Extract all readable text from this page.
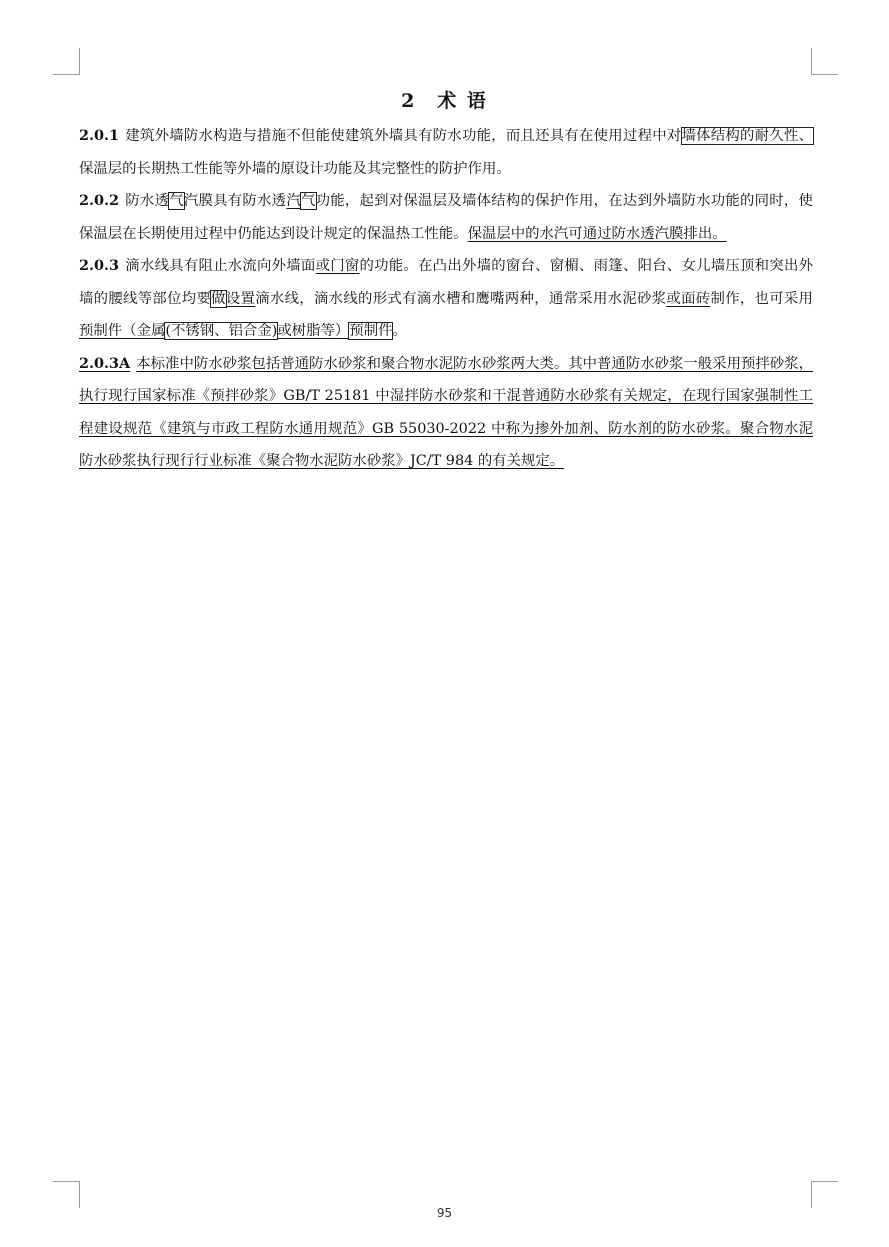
2　术 语

2.0.1 建筑外墙防水构造与措施不但能使建筑外墙具有防水功能，而且还具有在使用过程中对墙体结构的耐久性、保温层的长期热工性能等外墙的原设计功能及其完整性的防护作用。

2.0.2 防水透气汽膜具有防水透汽气功能，起到对保温层及墙体结构的保护作用，在达到外墙防水功能的同时，使保温层在长期使用过程中仍能达到设计规定的保温热工性能。保温层中的水汽可通过防水透汽膜排出。

2.0.3 滴水线具有阻止水流向外墙面或门窗的功能。在凸出外墙的窗台、窗楣、雨篷、阳台、女儿墙压顶和突出外墙的腰线等部位均要做设置滴水线，滴水线的形式有滴水槽和鹰嘴两种，通常采用水泥砂浆或面砖制作，也可采用预制件（金属(不锈钢、铝合金)或树脂等）预制件。

2.0.3A 本标准中防水砂浆包括普通防水砂浆和聚合物水泥防水砂浆两大类。其中普通防水砂浆一般采用预拌砂浆，执行现行国家标准《预拌砂浆》GB/T 25181 中湿拌防水砂浆和干混普通防水砂浆有关规定，在现行国家强制性工程建设规范《建筑与市政工程防水通用规范》GB 55030-2022 中称为掺外加剂、防水剂的防水砂浆。聚合物水泥防水砂浆执行现行行业标准《聚合物水泥防水砂浆》JC/T 984 的有关规定。

95
